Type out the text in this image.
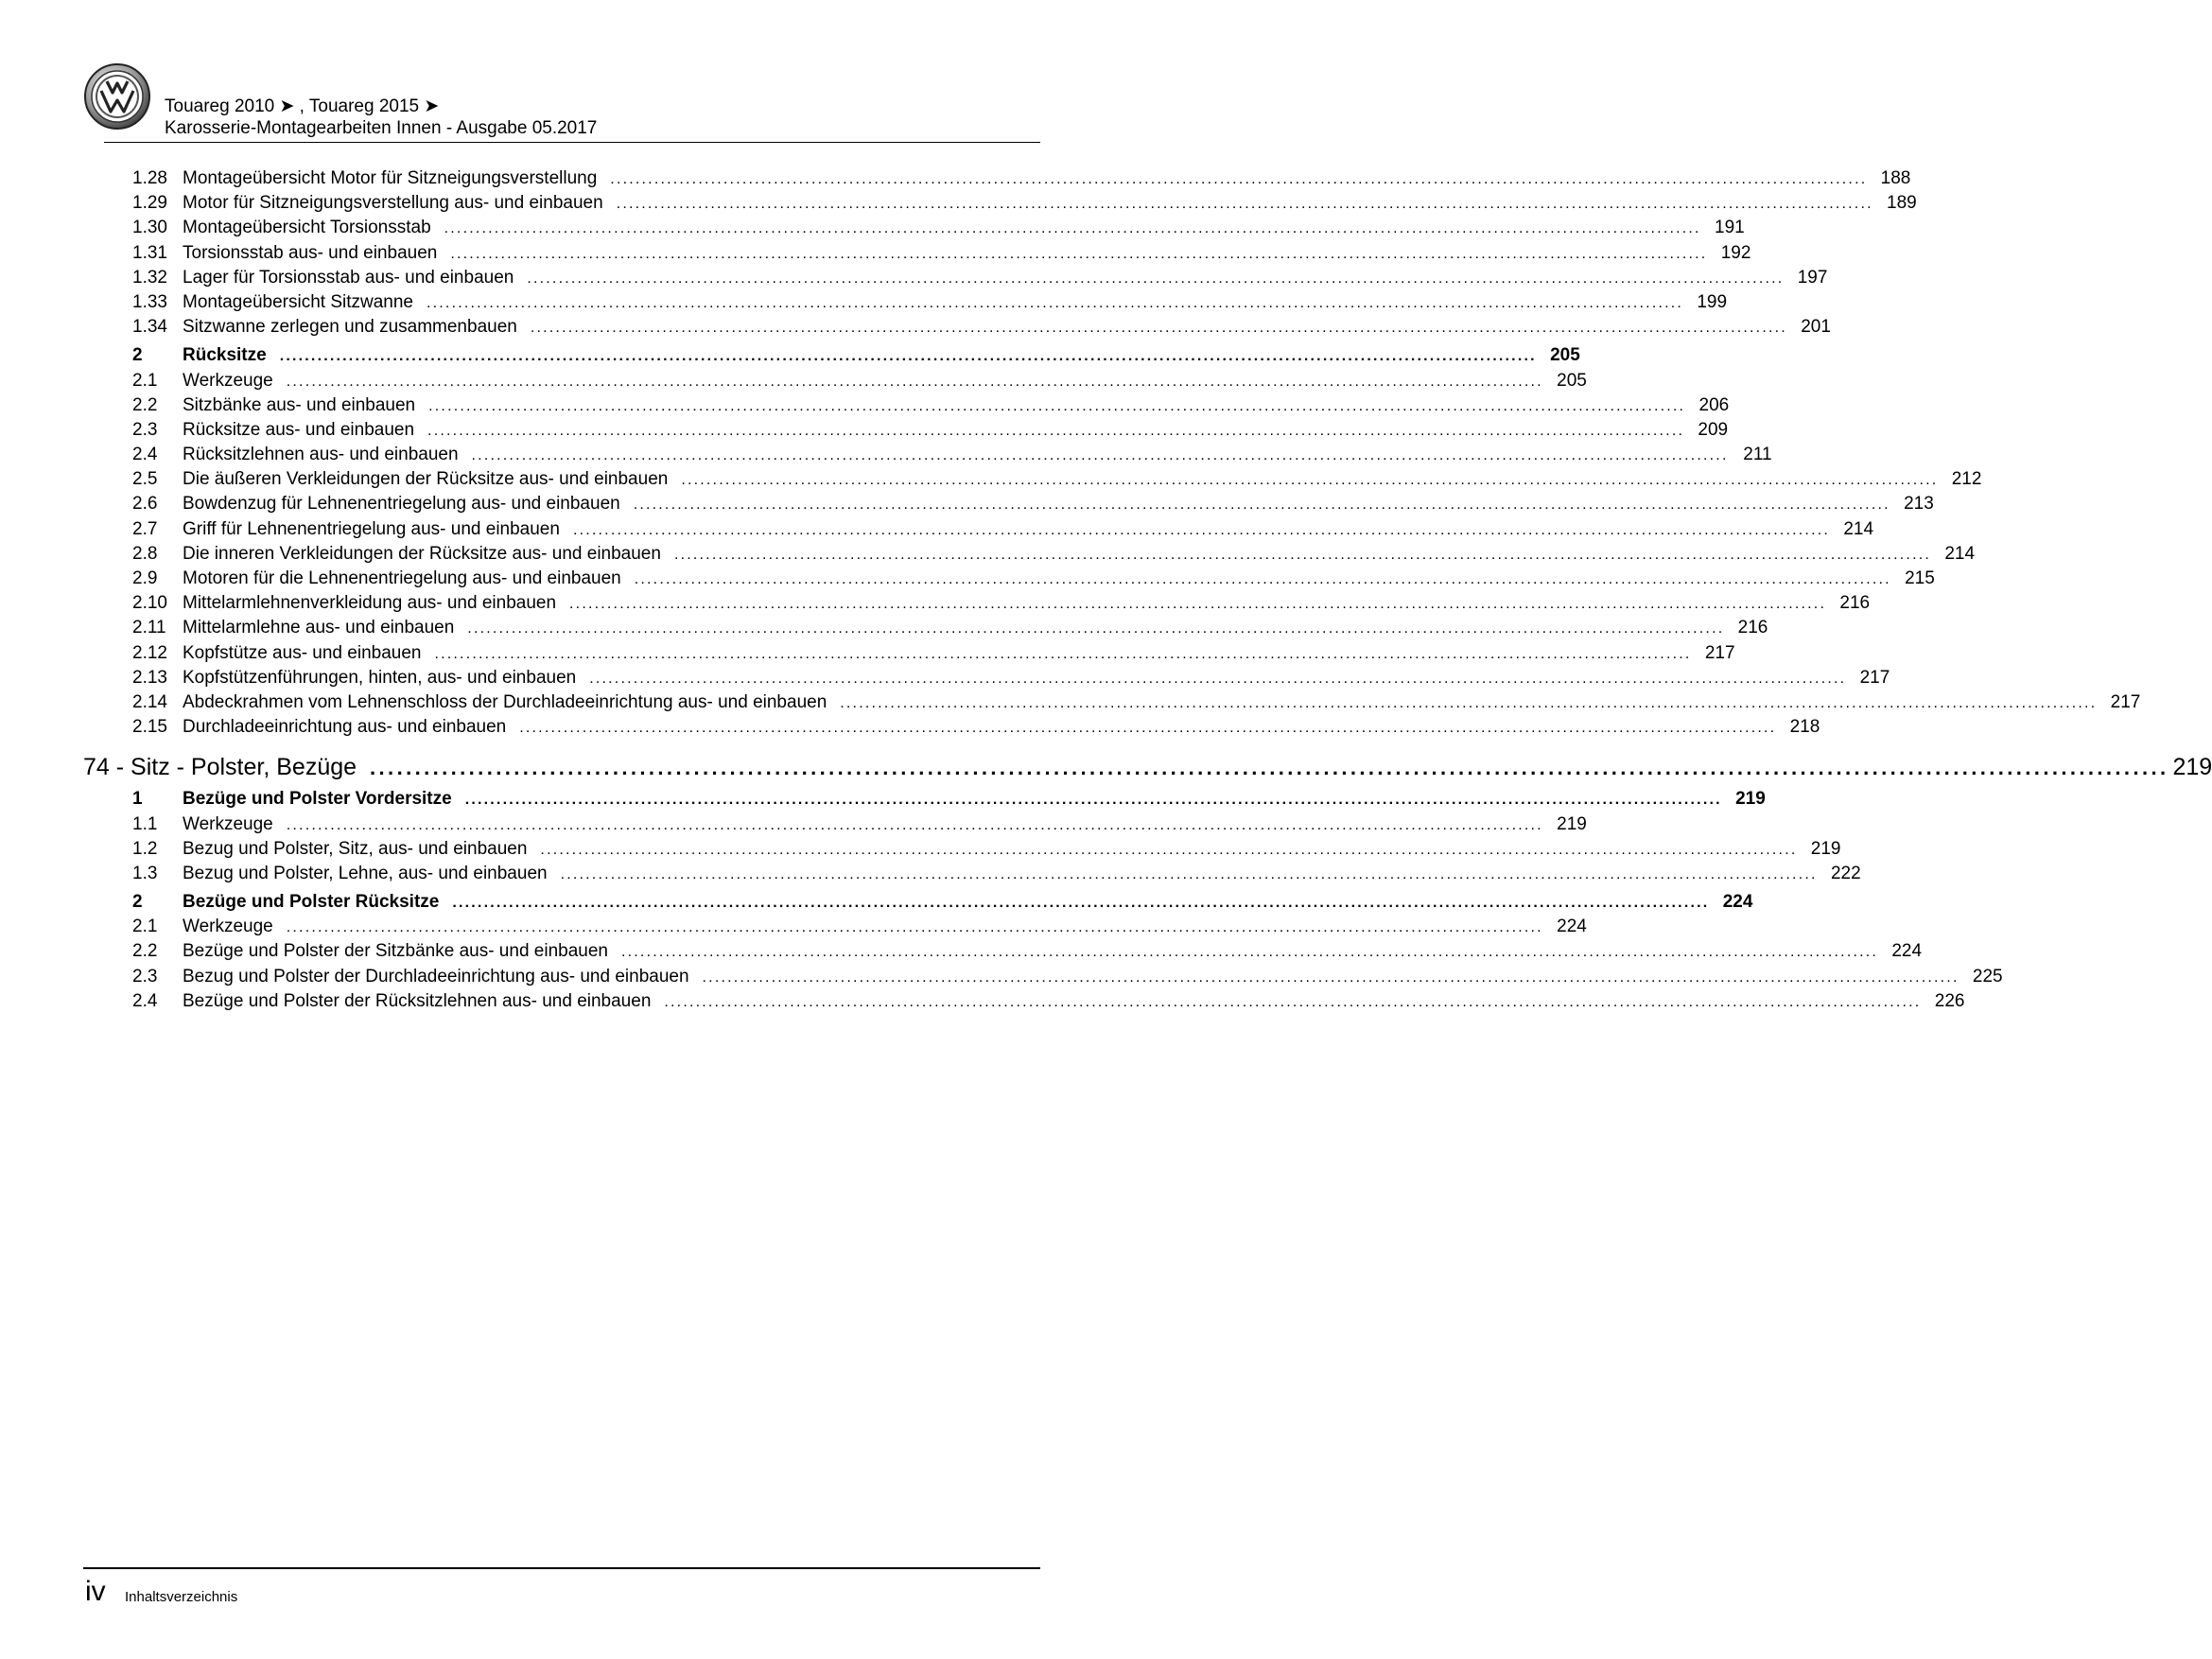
Touareg 2010 ➤ , Touareg 2015 ➤
Karosserie-Montagearbeiten Innen - Ausgabe 05.2017
1.28 Montageübersicht Motor für Sitzneigungsverstellung ........................................................................................................................................................................................................ 188
1.29 Motor für Sitzneigungsverstellung aus- und einbauen ........................................................................................................................................................................................................ 189
1.30 Montageübersicht Torsionsstab ........................................................................................................................................................................................................ 191
1.31 Torsionsstab aus- und einbauen ........................................................................................................................................................................................................ 192
1.32 Lager für Torsionsstab aus- und einbauen ........................................................................................................................................................................................................ 197
1.33 Montageübersicht Sitzwanne ........................................................................................................................................................................................................ 199
1.34 Sitzwanne zerlegen und zusammenbauen ........................................................................................................................................................................................................ 201
2	Rücksitze ........................................................................................................................................................................................................ 205
2.1	Werkzeuge ........................................................................................................................................................................................................ 205
2.2	Sitzbänke aus- und einbauen ........................................................................................................................................................................................................ 206
2.3	Rücksitze aus- und einbauen ........................................................................................................................................................................................................ 209
2.4	Rücksitzlehnen aus- und einbauen ........................................................................................................................................................................................................ 211
2.5	Die äußeren Verkleidungen der Rücksitze aus- und einbauen ........................................................................................................................................................................................................ 212
2.6	Bowdenzug für Lehnenentriegelung aus- und einbauen ........................................................................................................................................................................................................ 213
2.7	Griff für Lehnenentriegelung aus- und einbauen ........................................................................................................................................................................................................ 214
2.8	Die inneren Verkleidungen der Rücksitze aus- und einbauen ........................................................................................................................................................................................................ 214
2.9	Motoren für die Lehnenentriegelung aus- und einbauen ........................................................................................................................................................................................................ 215
2.10 Mittelarmlehnenverkleidung aus- und einbauen ........................................................................................................................................................................................................ 216
2.11 Mittelarmlehne aus- und einbauen ........................................................................................................................................................................................................ 216
2.12 Kopfstütze aus- und einbauen ........................................................................................................................................................................................................ 217
2.13 Kopfstützenführungen, hinten, aus- und einbauen ........................................................................................................................................................................................................ 217
2.14 Abdeckrahmen vom Lehnenschloss der Durchladeeinrichtung aus- und einbauen ........................................................................................................................................................................................................ 217
2.15 Durchladeeinrichtung aus- und einbauen ........................................................................................................................................................................................................ 218
74 - Sitz - Polster, Bezüge ........................................................................................................................................................................................................ 219
1	Bezüge und Polster Vordersitze ........................................................................................................................................................................................................ 219
1.1	Werkzeuge ........................................................................................................................................................................................................ 219
1.2	Bezug und Polster, Sitz, aus- und einbauen ........................................................................................................................................................................................................ 219
1.3	Bezug und Polster, Lehne, aus- und einbauen ........................................................................................................................................................................................................ 222
2	Bezüge und Polster Rücksitze ........................................................................................................................................................................................................ 224
2.1	Werkzeuge ........................................................................................................................................................................................................ 224
2.2	Bezüge und Polster der Sitzbänke aus- und einbauen ........................................................................................................................................................................................................ 224
2.3	Bezug und Polster der Durchladeeinrichtung aus- und einbauen ........................................................................................................................................................................................................ 225
2.4	Bezüge und Polster der Rücksitzlehnen aus- und einbauen ........................................................................................................................................................................................................ 226
iv Inhaltsverzeichnis
